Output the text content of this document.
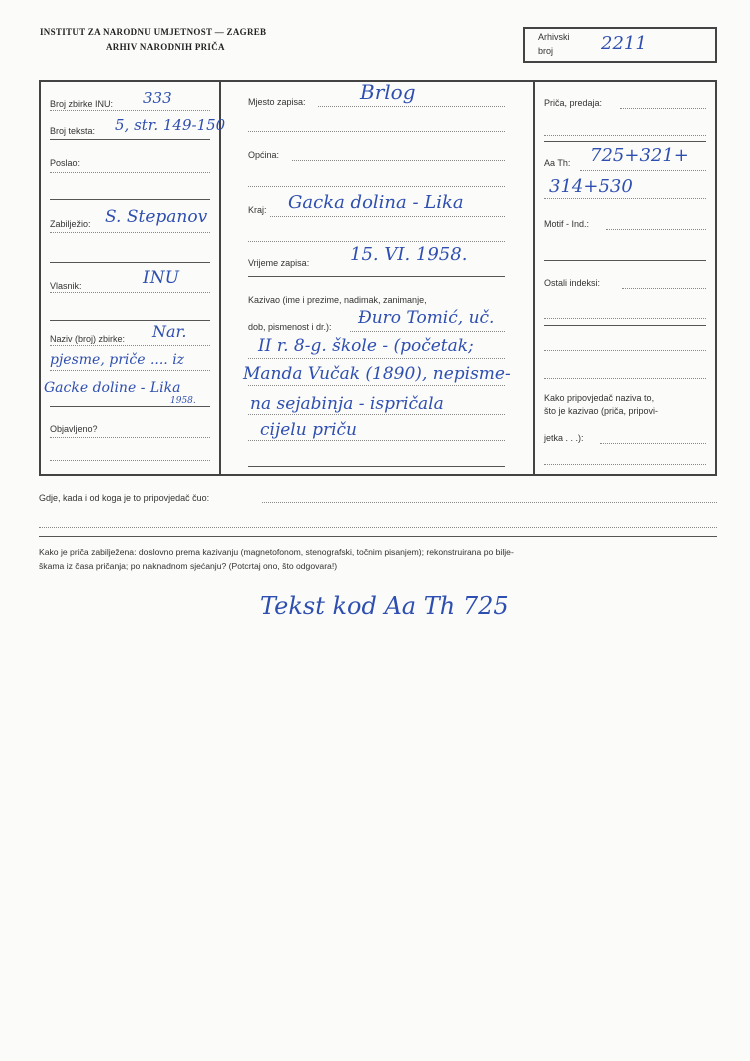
INSTITUT ZA NARODNU UMJETNOST — ZAGREB
ARHIV NARODNIH PRIČA
Arhivski
broj	2211
Broj zbirke INU: 333
Broj teksta: 5, str. 149-150
Poslao:
Zabilježio: S. Stepanov
Vlasnik:	INU
Naziv (broj) zbirke: Nar.
pjesme, priče .... iz
Gacke doline - Lika
1958.
Objavljeno?
Mjesto zapisa:	Brlog
Općina:
Kraj: Gacka dolina - Lika
Vrijeme zapisa: 15. VI. 1958.
Kazivao (ime i prezime, nadimak, zanimanje,
dob, pismenost i dr.): Đuro Tomić, uč.
II r. 8-g. škole - (početak;
Manda Vučak (1890), nepisme-
na sejabinja - ispričala
cijelu priču
Priča, predaja:
Aa Th: 725+321+
314+530
Motif - Ind.:
Ostali indeksi:
Kako pripovjedač naziva to,
što je kazivao (priča, pripovi-
jetka . . .):
Gdje, kada i od koga je to pripovjedač čuo:
Kako je priča zabilježena: doslovno prema kazivanju (magnetofonom, stenografski, točnim pisanjem); rekonstruirana po bilje-
škama iz časa pričanja; po naknadnom sjećanju? (Potcrtaj ono, što odgovara!)
Tekst kod Aa Th 725
